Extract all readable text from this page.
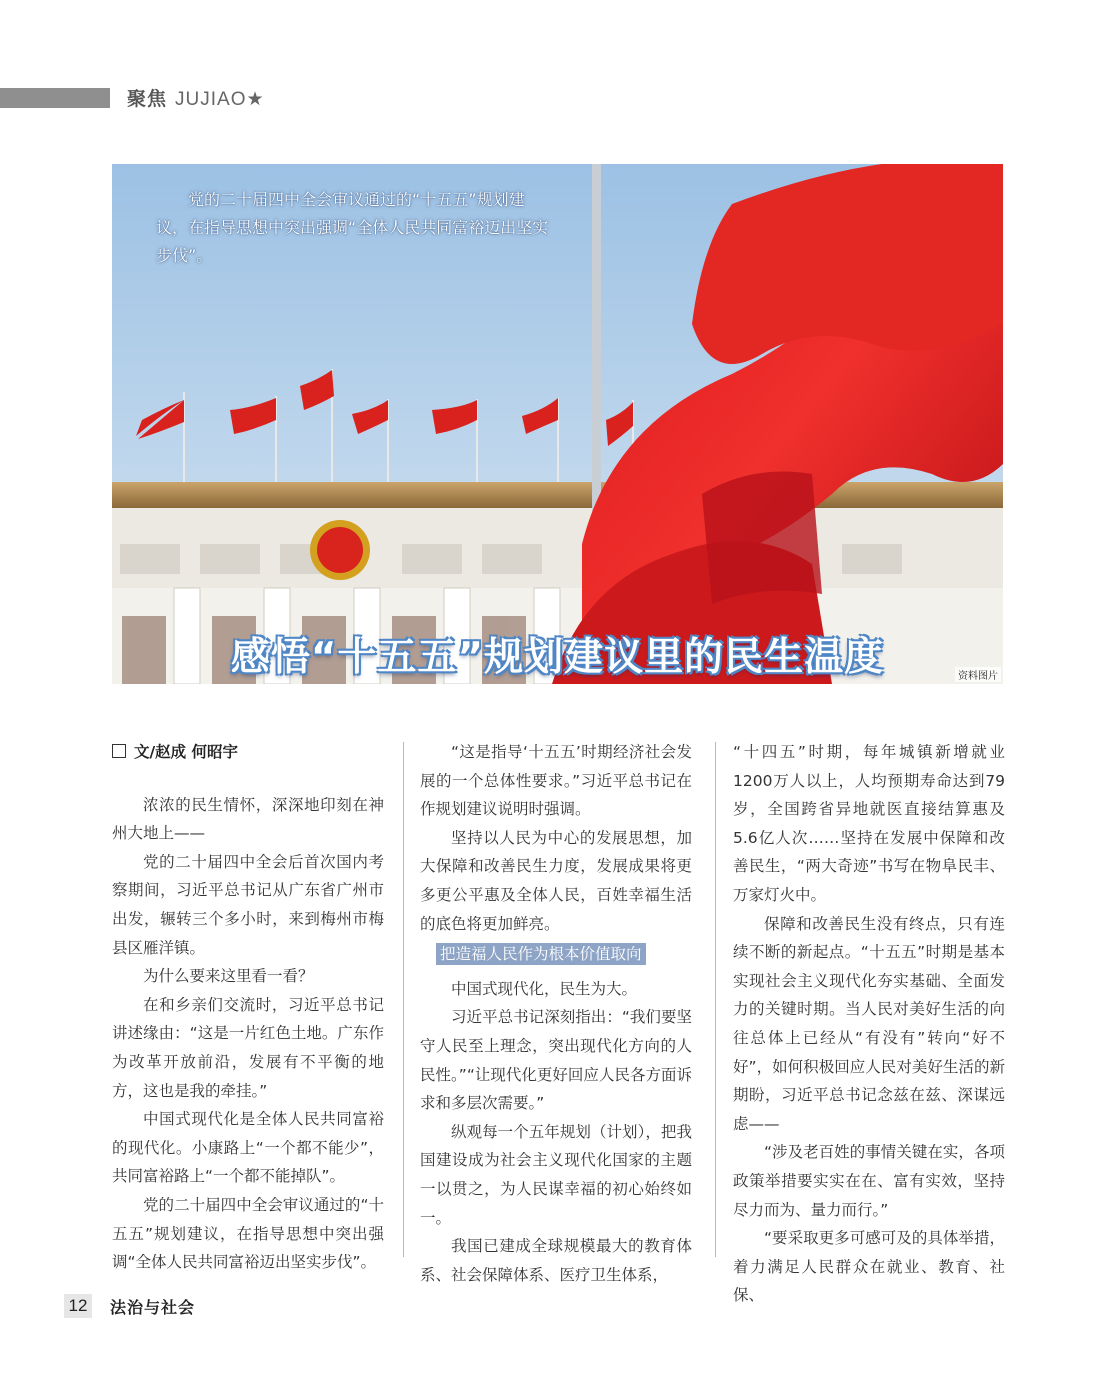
聚焦 JUJIAO★
党的二十届四中全会审议通过的“十五五”规划建议，在指导思想中突出强调“全体人民共同富裕迈出坚实步伐”。
感悟“十五五”规划建议里的民生温度	资料图片
文/赵成 何昭宇

浓浓的民生情怀，深深地印刻在神州大地上——

党的二十届四中全会后首次国内考察期间，习近平总书记从广东省广州市出发，辗转三个多小时，来到梅州市梅县区雁洋镇。

为什么要来这里看一看？

在和乡亲们交流时，习近平总书记讲述缘由：“这是一片红色土地。广东作为改革开放前沿，发展有不平衡的地方，这也是我的牵挂。”

中国式现代化是全体人民共同富裕的现代化。小康路上“一个都不能少”，共同富裕路上“一个都不能掉队”。

党的二十届四中全会审议通过的“十五五”规划建议，在指导思想中突出强调“全体人民共同富裕迈出坚实步伐”。

“这是指导‘十五五’时期经济社会发展的一个总体性要求。”习近平总书记在作规划建议说明时强调。

坚持以人民为中心的发展思想，加大保障和改善民生力度，发展成果将更多更公平惠及全体人民，百姓幸福生活的底色将更加鲜亮。

把造福人民作为根本价值取向

中国式现代化，民生为大。

习近平总书记深刻指出：“我们要坚守人民至上理念，突出现代化方向的人民性。”“让现代化更好回应人民各方面诉求和多层次需要。”

纵观每一个五年规划（计划），把我国建设成为社会主义现代化国家的主题一以贯之，为人民谋幸福的初心始终如一。

我国已建成全球规模最大的教育体系、社会保障体系、医疗卫生体系，

“十四五”时期，每年城镇新增就业1200万人以上，人均预期寿命达到79岁，全国跨省异地就医直接结算惠及5.6亿人次……坚持在发展中保障和改善民生，“两大奇迹”书写在物阜民丰、万家灯火中。

保障和改善民生没有终点，只有连续不断的新起点。“十五五”时期是基本实现社会主义现代化夯实基础、全面发力的关键时期。当人民对美好生活的向往总体上已经从“有没有”转向“好不好”，如何积极回应人民对美好生活的新期盼，习近平总书记念兹在兹、深谋远虑——

“涉及老百姓的事情关键在实，各项政策举措要实实在在、富有实效，坚持尽力而为、量力而行。”

“要采取更多可感可及的具体举措，着力满足人民群众在就业、教育、社保、

12 法治与社会
